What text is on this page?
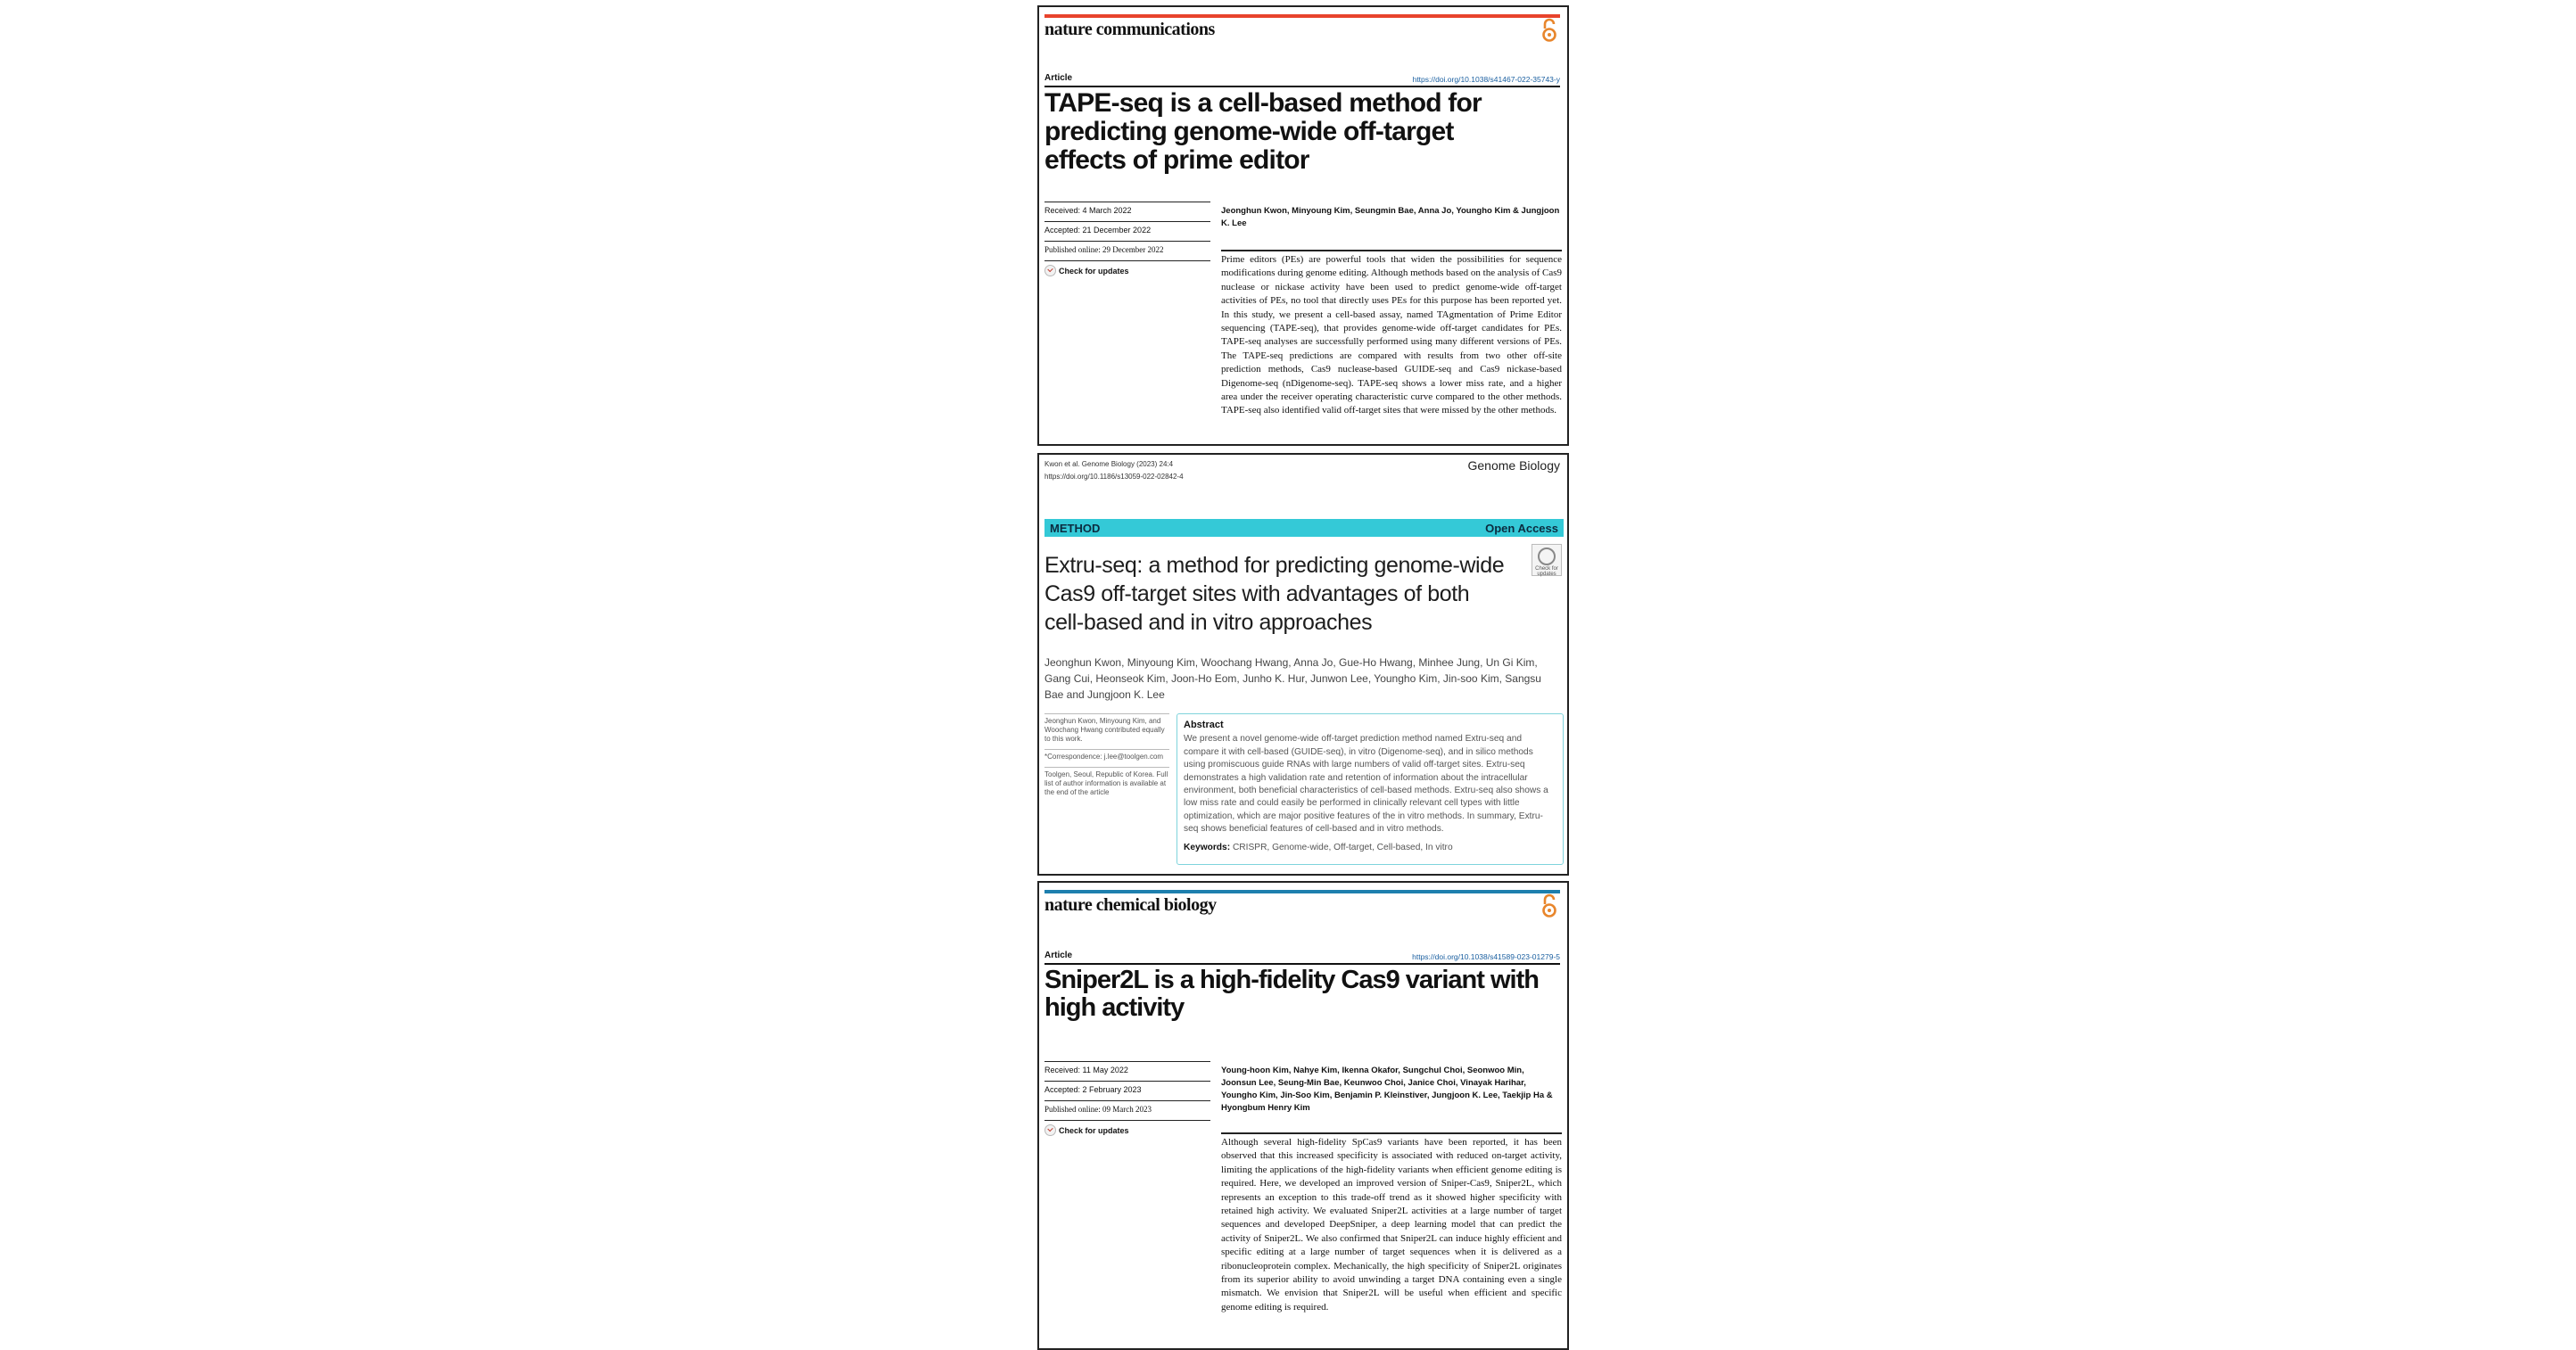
nature communications
Article	https://doi.org/10.1038/s41467-022-35743-y
TAPE-seq is a cell-based method for predicting genome-wide off-target effects of prime editor
Received: 4 March 2022
Accepted: 21 December 2022
Published online: 29 December 2022
Check for updates
Jeonghun Kwon, Minyoung Kim, Seungmin Bae, Anna Jo, Youngho Kim & Jungjoon K. Lee
Prime editors (PEs) are powerful tools that widen the possibilities for sequence modifications during genome editing. Although methods based on the analysis of Cas9 nuclease or nickase activity have been used to predict genome-wide off-target activities of PEs, no tool that directly uses PEs for this purpose has been reported yet. In this study, we present a cell-based assay, named TAgmentation of Prime Editor sequencing (TAPE-seq), that provides genome-wide off-target candidates for PEs. TAPE-seq analyses are successfully performed using many different versions of PEs. The TAPE-seq predictions are compared with results from two other off-site prediction methods, Cas9 nuclease-based GUIDE-seq and Cas9 nickase-based Digenome-seq (nDigenome-seq). TAPE-seq shows a lower miss rate, and a higher area under the receiver operating characteristic curve compared to the other methods. TAPE-seq also identified valid off-target sites that were missed by the other methods.
Kwon et al. Genome Biology (2023) 24:4
https://doi.org/10.1186/s13059-022-02842-4
Genome Biology
METHOD	Open Access
Extru-seq: a method for predicting genome-wide Cas9 off-target sites with advantages of both cell-based and in vitro approaches
Check for updates
Jeonghun Kwon, Minyoung Kim, Woochang Hwang, Anna Jo, Gue-Ho Hwang, Minhee Jung, Un Gi Kim, Gang Cui, Heonseok Kim, Joon-Ho Eom, Junho K. Hur, Junwon Lee, Youngho Kim, Jin-soo Kim, Sangsu Bae and Jungjoon K. Lee
Jeonghun Kwon, Minyoung Kim, and Woochang Hwang contributed equally to this work.
*Correspondence: j.lee@toolgen.com
Toolgen, Seoul, Republic of Korea. Full list of author information is available at the end of the article
Abstract
We present a novel genome-wide off-target prediction method named Extru-seq and compare it with cell-based (GUIDE-seq), in vitro (Digenome-seq), and in silico methods using promiscuous guide RNAs with large numbers of valid off-target sites. Extru-seq demonstrates a high validation rate and retention of information about the intracellular environment, both beneficial characteristics of cell-based methods. Extru-seq also shows a low miss rate and could easily be performed in clinically relevant cell types with little optimization, which are major positive features of the in vitro methods. In summary, Extru-seq shows beneficial features of cell-based and in vitro methods.
Keywords: CRISPR, Genome-wide, Off-target, Cell-based, In vitro
nature chemical biology
Article	https://doi.org/10.1038/s41589-023-01279-5
Sniper2L is a high-fidelity Cas9 variant with high activity
Received: 11 May 2022
Accepted: 2 February 2023
Published online: 09 March 2023
Check for updates
Young-hoon Kim, Nahye Kim, Ikenna Okafor, Sungchul Choi, Seonwoo Min, Joonsun Lee, Seung-Min Bae, Keunwoo Choi, Janice Choi, Vinayak Harihar, Youngho Kim, Jin-Soo Kim, Benjamin P. Kleinstiver, Jungjoon K. Lee, Taekjip Ha & Hyongbum Henry Kim
Although several high-fidelity SpCas9 variants have been reported, it has been observed that this increased specificity is associated with reduced on-target activity, limiting the applications of the high-fidelity variants when efficient genome editing is required. Here, we developed an improved version of Sniper-Cas9, Sniper2L, which represents an exception to this trade-off trend as it showed higher specificity with retained high activity. We evaluated Sniper2L activities at a large number of target sequences and developed DeepSniper, a deep learning model that can predict the activity of Sniper2L. We also confirmed that Sniper2L can induce highly efficient and specific editing at a large number of target sequences when it is delivered as a ribonucleoprotein complex. Mechanically, the high specificity of Sniper2L originates from its superior ability to avoid unwinding a target DNA containing even a single mismatch. We envision that Sniper2L will be useful when efficient and specific genome editing is required.
